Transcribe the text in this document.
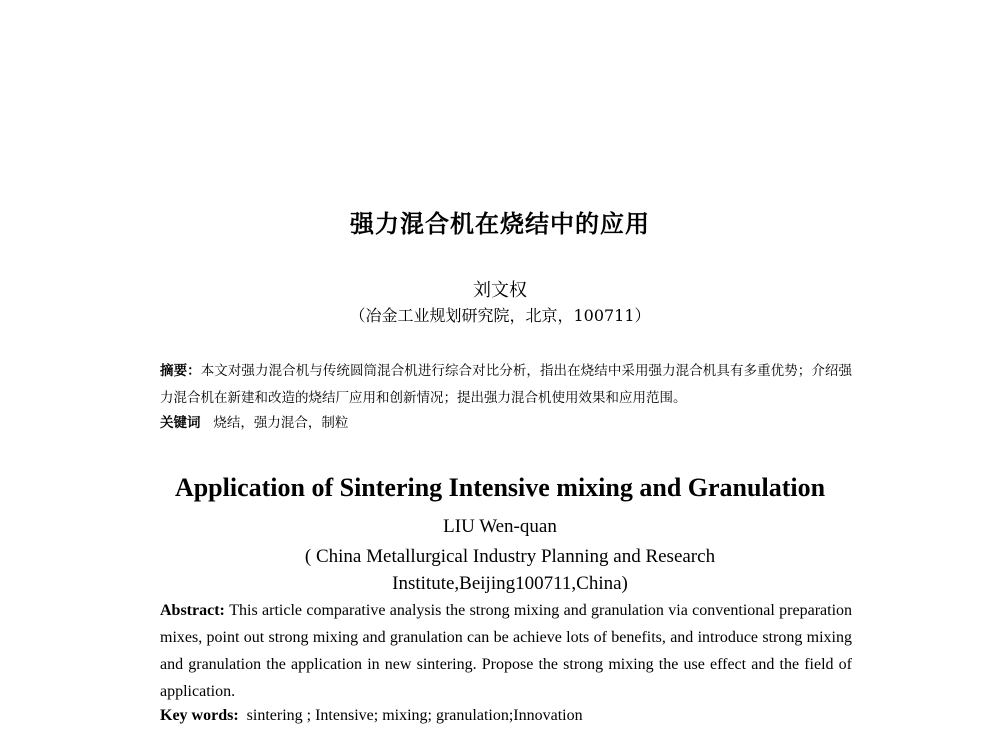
强力混合机在烧结中的应用
刘文权
（冶金工业规划研究院，北京，100711）
摘要：本文对强力混合机与传统圆筒混合机进行综合对比分析，指出在烧结中采用强力混合机具有多重优势；介绍强力混合机在新建和改造的烧结厂应用和创新情况；提出强力混合机使用效果和应用范围。
关键词 烧结，强力混合，制粒
Application of Sintering Intensive mixing and Granulation
LIU Wen-quan
( China Metallurgical Industry Planning and Research Institute,Beijing100711,China)
Abstract: This article comparative analysis the strong mixing and granulation via conventional preparation mixes, point out strong mixing and granulation can be achieve lots of benefits, and introduce strong mixing and granulation the application in new sintering. Propose the strong mixing the use effect and the field of application.
Key words: sintering ; Intensive; mixing; granulation;Innovation
